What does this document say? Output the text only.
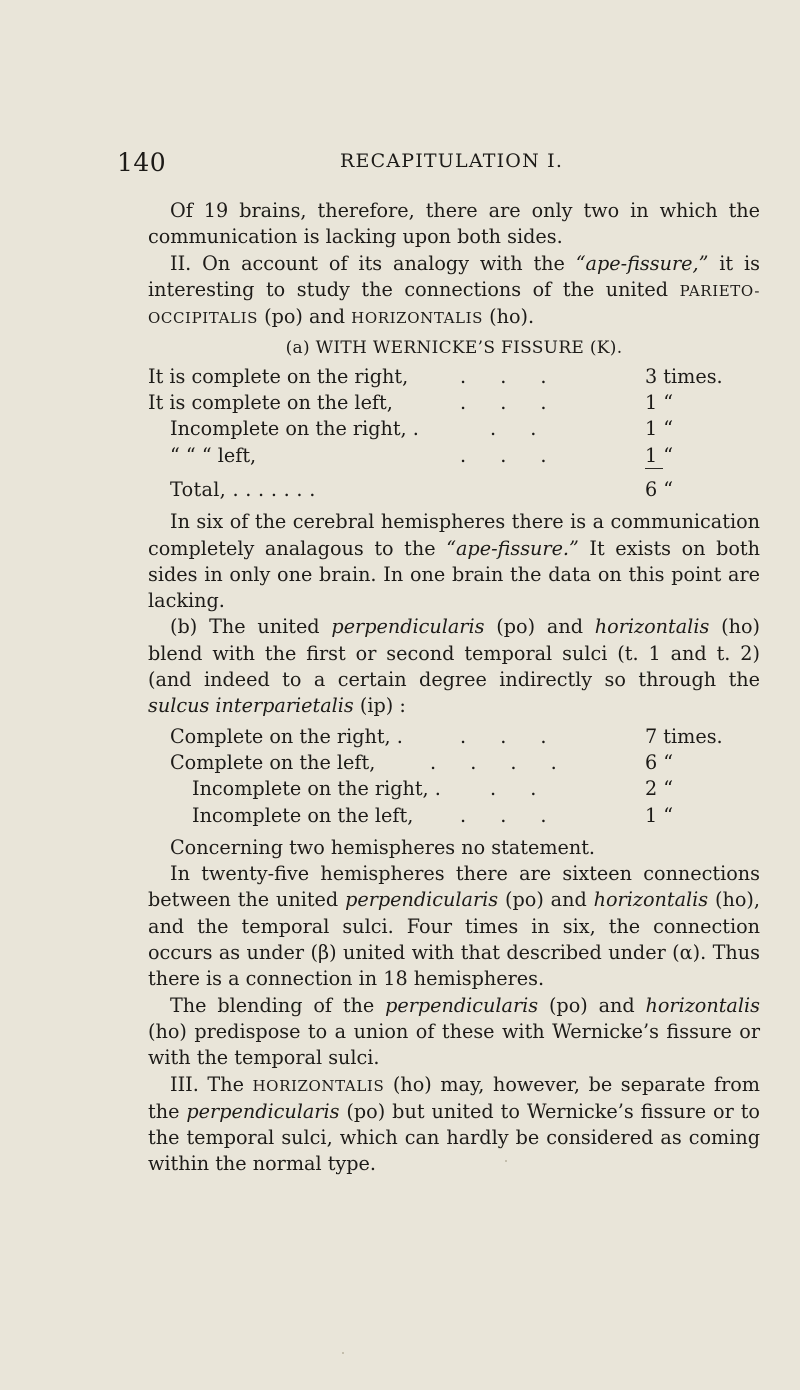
140	RECAPITULATION I.

Of 19 brains, therefore, there are only two in which the communication is lacking upon both sides.

II. On account of its analogy with the “ape-fissure,” it is interesting to study the connections of the united PARIETO-OCCIPITALIS (po) and HORIZONTALIS (ho).

(a) WITH WERNICKE’S FISSURE (K).
It is complete on the right,	. . .	3 times.
It is complete on the left,	. . .	1 “
Incomplete on the right, .	. .	1 “
“ “ “ left,	. . .	1 “
Total, . . . . . . .	6 “

In six of the cerebral hemispheres there is a communication completely analagous to the “ape-fissure.” It exists on both sides in only one brain. In one brain the data on this point are lacking.

(b) The united perpendicularis (po) and horizontalis (ho) blend with the first or second temporal sulci (t. 1 and t. 2) (and indeed to a certain degree indirectly so through the sulcus interparietalis (ip) :

Complete on the right, .	. . .	7 times.
Complete on the left,	. . . .	6 “
Incomplete on the right, .	. .	2 “
Incomplete on the left, . . .	1 “

Concerning two hemispheres no statement.

In twenty-five hemispheres there are sixteen connections between the united perpendicularis (po) and horizontalis (ho), and the temporal sulci. Four times in six, the connection occurs as under (β) united with that described under (α). Thus there is a connection in 18 hemispheres.

The blending of the perpendicularis (po) and horizontalis (ho) predispose to a union of these with Wernicke’s fissure or with the temporal sulci.

III. The HORIZONTALIS (ho) may, however, be separate from the perpendicularis (po) but united to Wernicke’s fissure or to the temporal sulci, which can hardly be considered as coming within the normal type.
